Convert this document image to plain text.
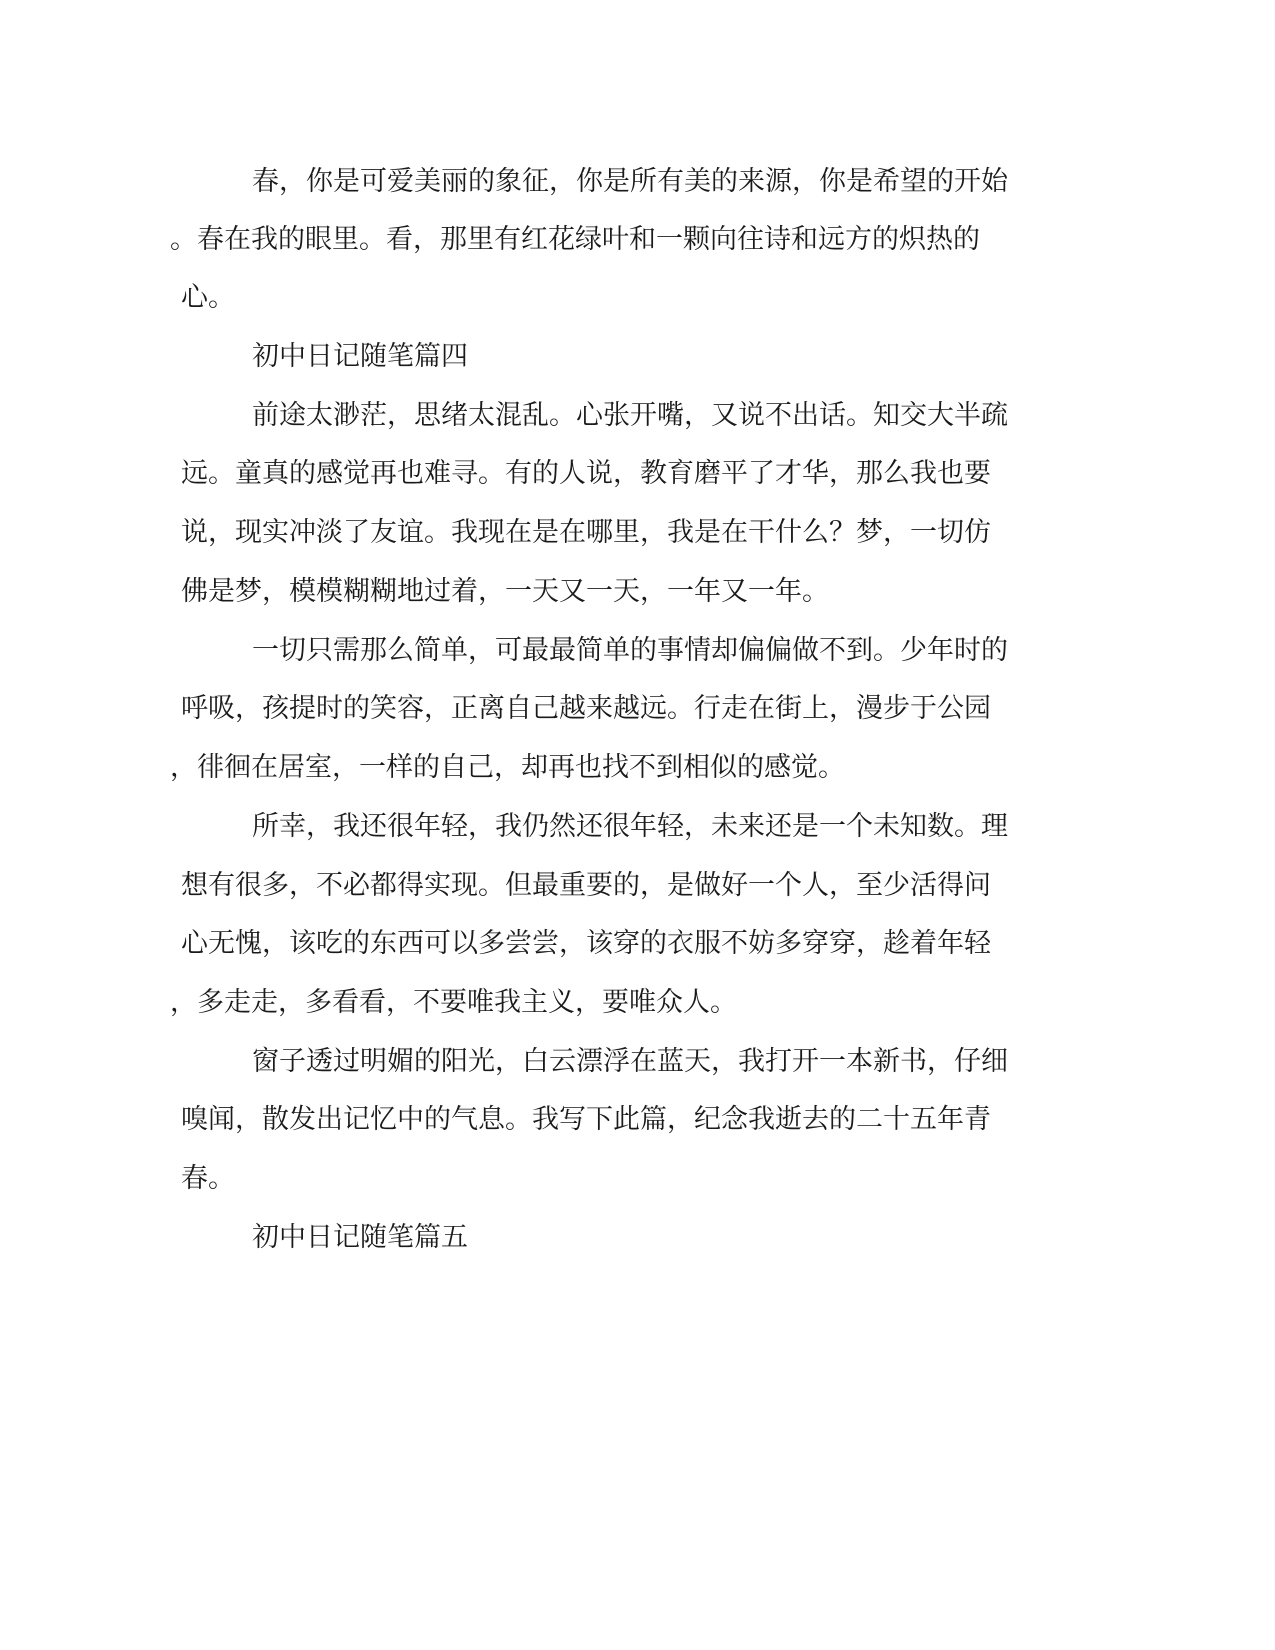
春，你是可爱美丽的象征，你是所有美的来源，你是希望的开始
。春在我的眼里。看，那里有红花绿叶和一颗向往诗和远方的炽热的
心。
初中日记随笔篇四
前途太渺茫，思绪太混乱。心张开嘴，又说不出话。知交大半疏
远。童真的感觉再也难寻。有的人说，教育磨平了才华，那么我也要
说，现实冲淡了友谊。我现在是在哪里，我是在干什么？梦，一切仿
佛是梦，模模糊糊地过着，一天又一天，一年又一年。
一切只需那么简单，可最最简单的事情却偏偏做不到。少年时的
呼吸，孩提时的笑容，正离自己越来越远。行走在街上，漫步于公园
，徘徊在居室，一样的自己，却再也找不到相似的感觉。
所幸，我还很年轻，我仍然还很年轻，未来还是一个未知数。理
想有很多，不必都得实现。但最重要的，是做好一个人，至少活得问
心无愧，该吃的东西可以多尝尝，该穿的衣服不妨多穿穿，趁着年轻
，多走走，多看看，不要唯我主义，要唯众人。
窗子透过明媚的阳光，白云漂浮在蓝天，我打开一本新书，仔细
嗅闻，散发出记忆中的气息。我写下此篇，纪念我逝去的二十五年青
春。
初中日记随笔篇五
